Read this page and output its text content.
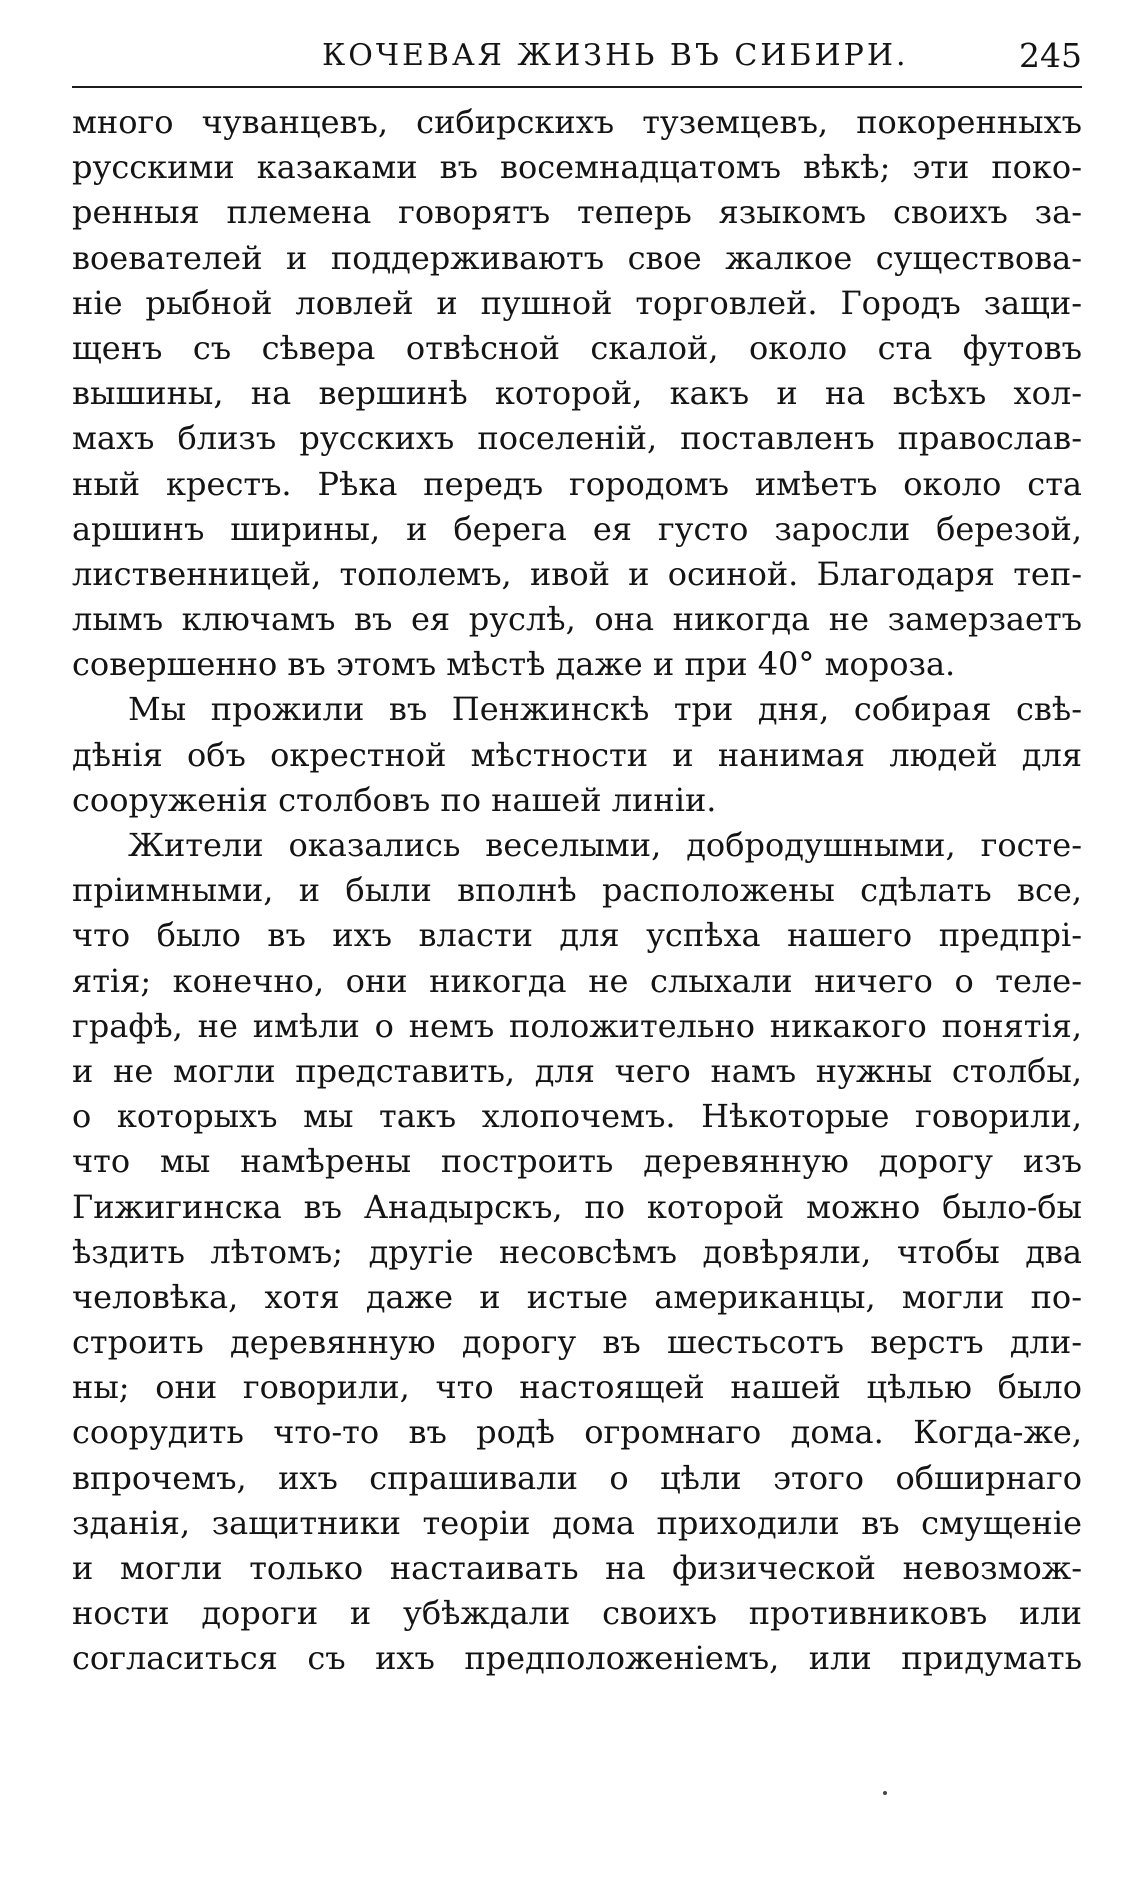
КОЧЕВАЯ ЖИЗНЬ ВЪ СИБИРИ.	245
много чуванцевъ, сибирскихъ туземцевъ, покоренныхъ
русскими казаками въ восемнадцатомъ вѣкѣ; эти поко-
ренныя племена говорятъ теперь языкомъ своихъ за-
воевателей и поддерживаютъ свое жалкое существова-
ніе рыбной ловлей и пушной торговлей. Городъ защи-
щенъ съ сѣвера отвѣсной скалой, около ста футовъ
вышины, на вершинѣ которой, какъ и на всѣхъ хол-
махъ близъ русскихъ поселеній, поставленъ православ-
ный крестъ. Рѣка передъ городомъ имѣетъ около ста
аршинъ ширины, и берега ея густо заросли березой,
лиственницей, тополемъ, ивой и осиной. Благодаря теп-
лымъ ключамъ въ ея руслѣ, она никогда не замерзаетъ
совершенно въ этомъ мѣстѣ даже и при 40° мороза.
Мы прожили въ Пенжинскѣ три дня, собирая свѣ-
дѣнія объ окрестной мѣстности и нанимая людей для
сооруженія столбовъ по нашей линіи.
Жители оказались веселыми, добродушными, госте-
пріимными, и были вполнѣ расположены сдѣлать все,
что было въ ихъ власти для успѣха нашего предпрі-
ятія; конечно, они никогда не слыхали ничего о теле-
графѣ, не имѣли о немъ положительно никакого понятія,
и не могли представить, для чего намъ нужны столбы,
о которыхъ мы такъ хлопочемъ. Нѣкоторые говорили,
что мы намѣрены построить деревянную дорогу изъ
Гижигинска въ Анадырскъ, по которой можно было-бы
ѣздить лѣтомъ; другіе несовсѣмъ довѣряли, чтобы два
человѣка, хотя даже и истые американцы, могли по-
строить деревянную дорогу въ шестьсотъ верстъ дли-
ны; они говорили, что настоящей нашей цѣлью было
соорудить что-то въ родѣ огромнаго дома. Когда-же,
впрочемъ, ихъ спрашивали о цѣли этого обширнаго
зданія, защитники теоріи дома приходили въ смущеніе
и могли только настаивать на физической невозмож-
ности дороги и убѣждали своихъ противниковъ или
согласиться съ ихъ предположеніемъ, или придумать
